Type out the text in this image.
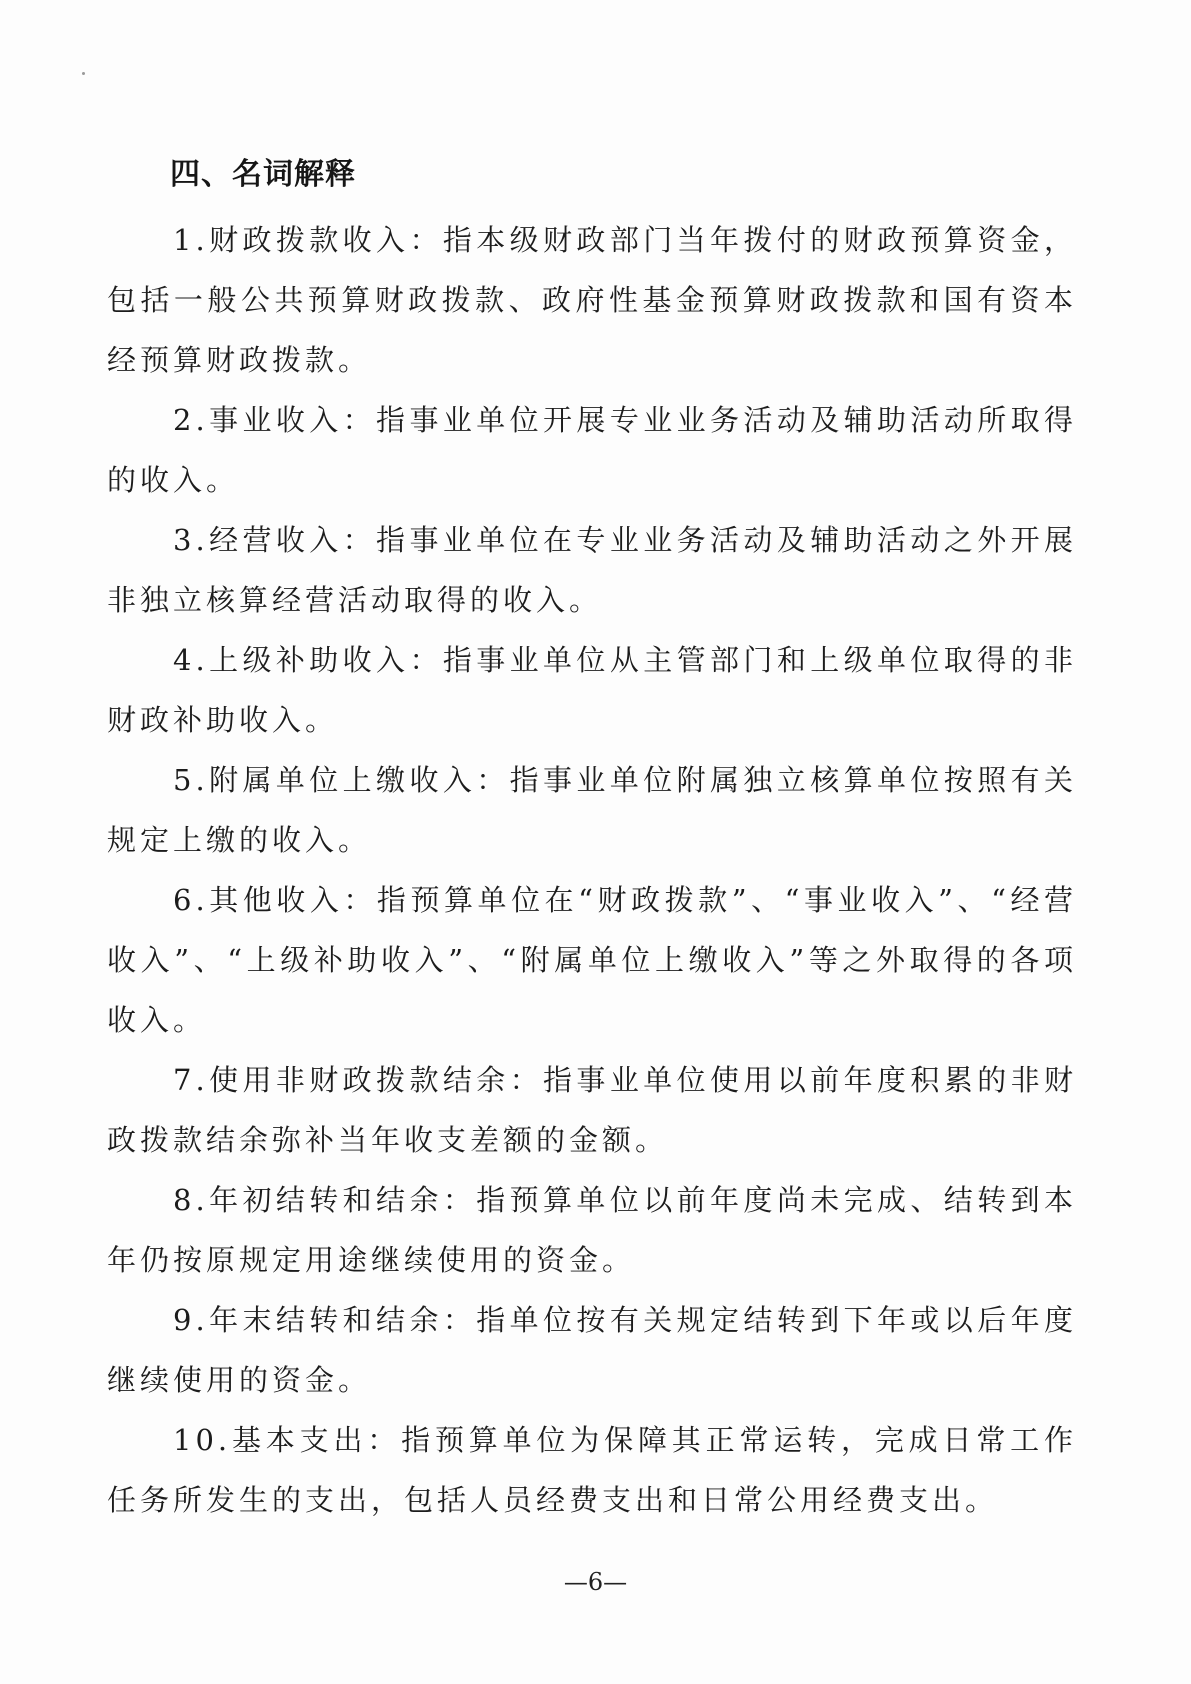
四、名词解释
1.财政拨款收入：指本级财政部门当年拨付的财政预算资金，包括一般公共预算财政拨款、政府性基金预算财政拨款和国有资本经预算财政拨款。
2.事业收入：指事业单位开展专业业务活动及辅助活动所取得的收入。
3.经营收入：指事业单位在专业业务活动及辅助活动之外开展非独立核算经营活动取得的收入。
4.上级补助收入：指事业单位从主管部门和上级单位取得的非财政补助收入。
5.附属单位上缴收入：指事业单位附属独立核算单位按照有关规定上缴的收入。
6.其他收入：指预算单位在“财政拨款”、“事业收入”、“经营收入”、“上级补助收入”、“附属单位上缴收入”等之外取得的各项收入。
7.使用非财政拨款结余：指事业单位使用以前年度积累的非财政拨款结余弥补当年收支差额的金额。
8.年初结转和结余：指预算单位以前年度尚未完成、结转到本年仍按原规定用途继续使用的资金。
9.年末结转和结余：指单位按有关规定结转到下年或以后年度继续使用的资金。
10.基本支出：指预算单位为保障其正常运转，完成日常工作任务所发生的支出，包括人员经费支出和日常公用经费支出。
—6—
